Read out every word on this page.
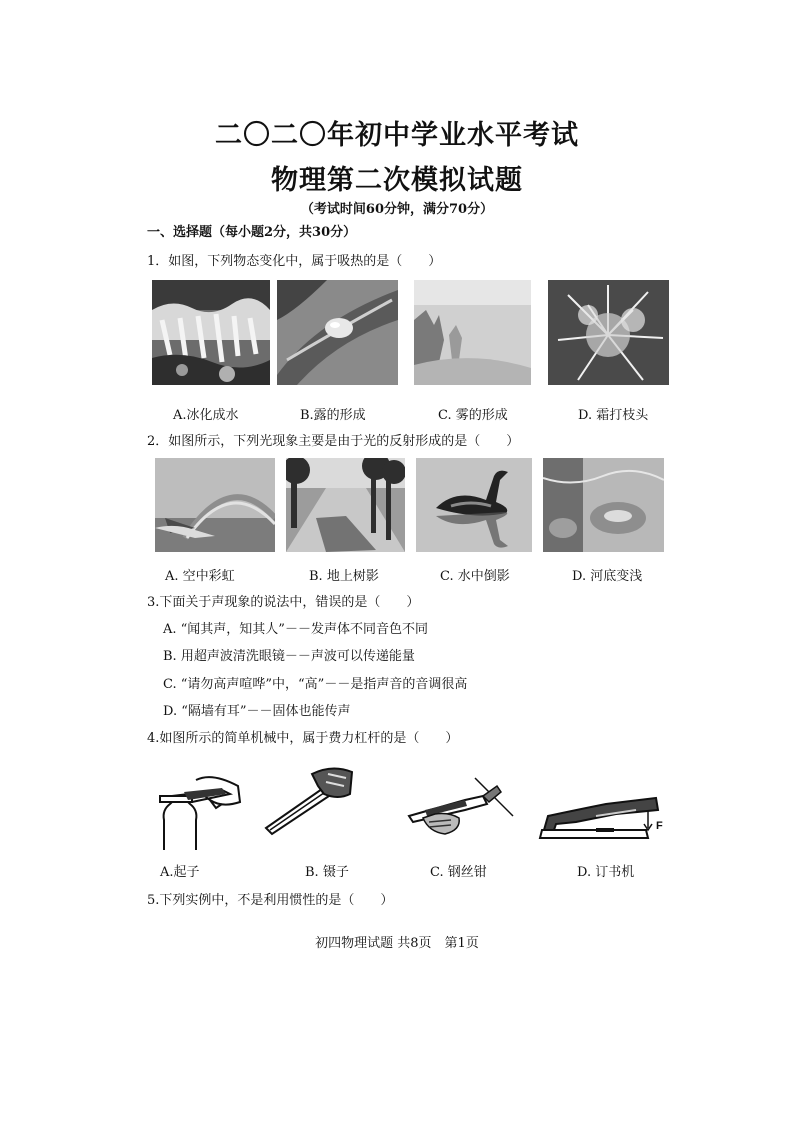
二〇二〇年初中学业水平考试
物理第二次模拟试题
（考试时间60分钟，满分70分）
一、选择题（每小题2分，共30分）
1．如图，下列物态变化中，属于吸热的是（　　）
A.冰化成水	B.露的形成	C. 雾的形成	D. 霜打枝头
2．如图所示，下列光现象主要是由于光的反射形成的是（　　）
A. 空中彩虹	B. 地上树影	C. 水中倒影	D. 河底变浅
3.下面关于声现象的说法中，错误的是（　　）
A. “闻其声，知其人”－－发声体不同音色不同
B. 用超声波清洗眼镜－－声波可以传递能量
C. “请勿高声喧哗”中，“高”－－是指声音的音调很高
D. “隔墙有耳”－－固体也能传声
4.如图所示的简单机械中，属于费力杠杆的是（　　）
F
A.起子	B. 镊子	C. 钢丝钳	D. 订书机
5.下列实例中，不是利用惯性的是（　　）
初四物理试题 共8页　第1页
